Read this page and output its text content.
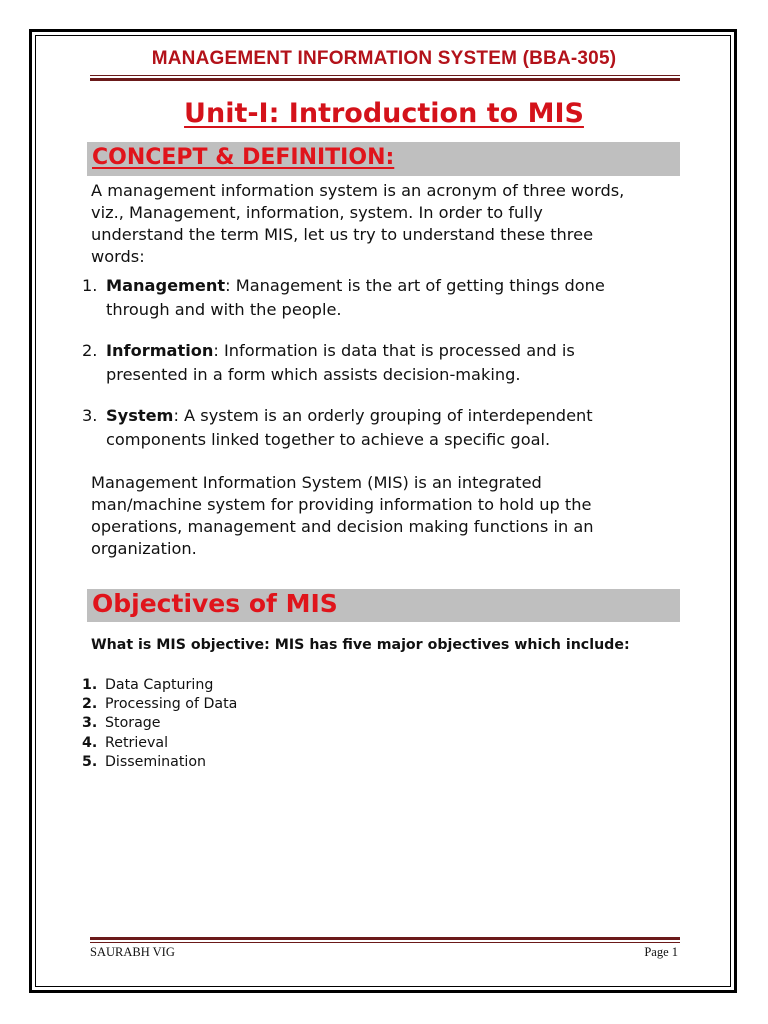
MANAGEMENT INFORMATION SYSTEM (BBA-305)
Unit-I: Introduction to MIS
CONCEPT & DEFINITION:
A management information system is an acronym of three words,
viz., Management, information, system. In order to fully
understand the term MIS, let us try to understand these three
words:
1. Management: Management is the art of getting things done
through and with the people.
2. Information: Information is data that is processed and is
presented in a form which assists decision-making.
3. System: A system is an orderly grouping of interdependent
components linked together to achieve a specific goal.
Management Information System (MIS) is an integrated
man/machine system for providing information to hold up the
operations, management and decision making functions in an
organization.
Objectives of MIS
What is MIS objective: MIS has five major objectives which include:
1. Data Capturing
2. Processing of Data
3. Storage
4. Retrieval
5. Dissemination
SAURABH VIG	Page 1
